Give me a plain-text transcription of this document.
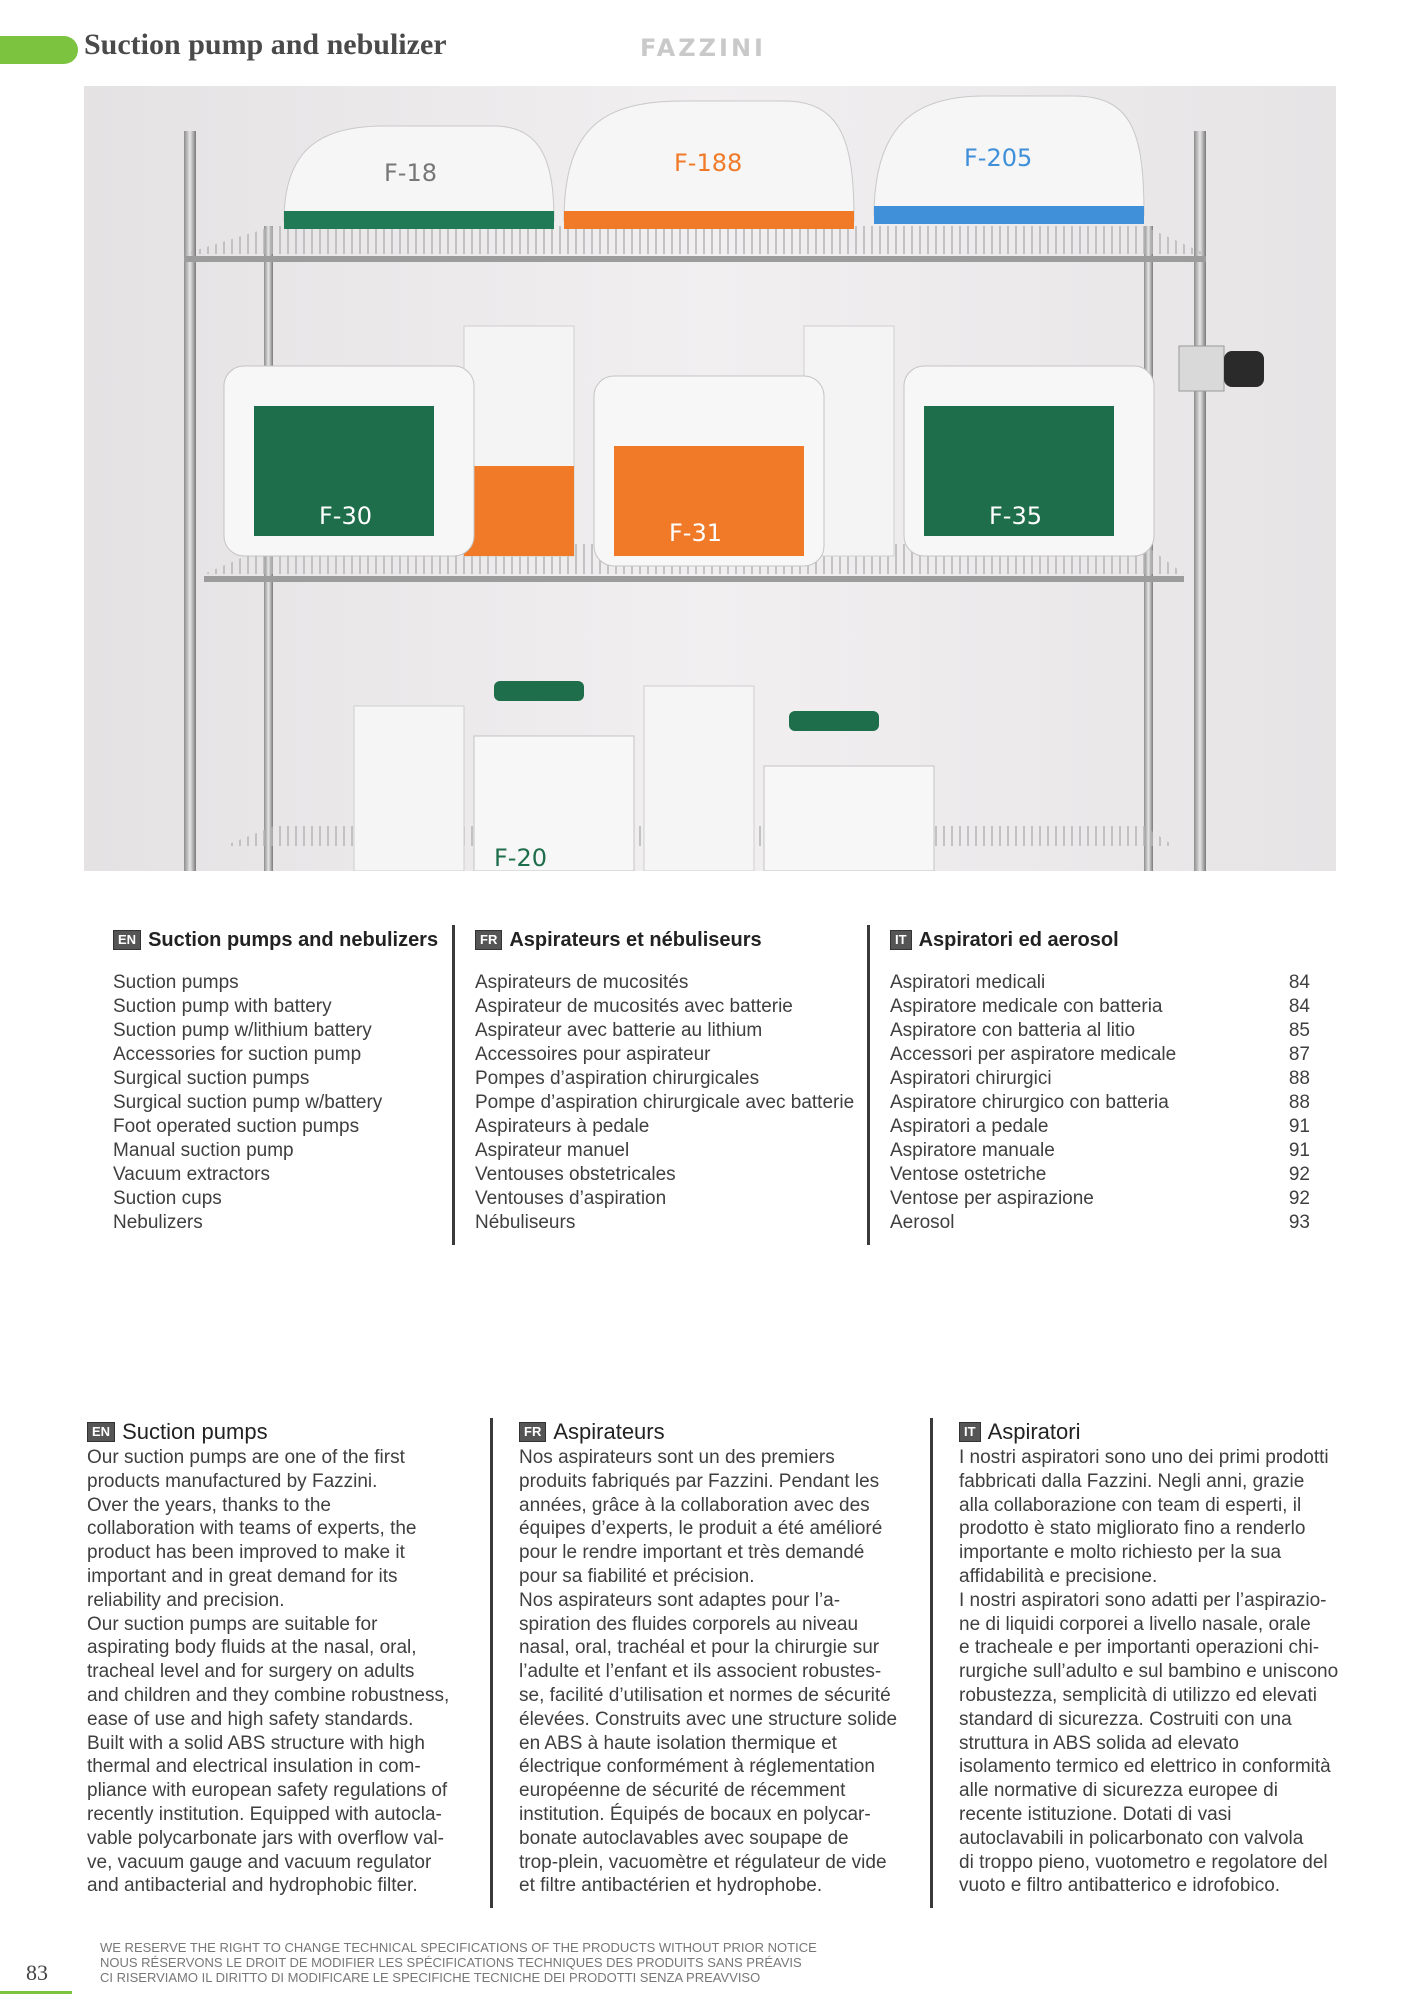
Suction pump and nebulizer	FAZZINI
F-18	F-188	F-205
F-30
F-31
F-35
F-20
EN Suction pumps and nebulizers
Suction pumps
Suction pump with battery
Suction pump w/lithium battery
Accessories for suction pump
Surgical suction pumps
Surgical suction pump w/battery
Foot operated suction pumps
Manual suction pump
Vacuum extractors
Suction cups
Nebulizers
FR Aspirateurs et nébuliseurs
Aspirateurs de mucosités
Aspirateur de mucosités avec batterie
Aspirateur avec batterie au lithium
Accessoires pour aspirateur
Pompes d’aspiration chirurgicales
Pompe d’aspiration chirurgicale avec batterie
Aspirateurs à pedale
Aspirateur manuel
Ventouses obstetricales
Ventouses d’aspiration
Nébuliseurs
IT Aspiratori ed aerosol
Aspiratori medicali	84
Aspiratore medicale con batteria	84
Aspiratore con batteria al litio	85
Accessori per aspiratore medicale	87
Aspiratori chirurgici	88
Aspiratore chirurgico con batteria	88
Aspiratori a pedale	91
Aspiratore manuale	91
Ventose ostetriche	92
Ventose per aspirazione	92
Aerosol	93
EN Suction pumps

Our suction pumps are one of the first
products manufactured by Fazzini.
Over the years, thanks to the
collaboration with teams of experts, the
product has been improved to make it
important and in great demand for its
reliability and precision.
Our suction pumps are suitable for
aspirating body fluids at the nasal, oral,
tracheal level and for surgery on adults
and children and they combine robustness,
ease of use and high safety standards.
Built with a solid ABS structure with high
thermal and electrical insulation in com-
pliance with european safety regulations of
recently institution. Equipped with autocla-
vable polycarbonate jars with overflow val-
ve, vacuum gauge and vacuum regulator
and antibacterial and hydrophobic filter.

FR Aspirateurs

Nos aspirateurs sont un des premiers
produits fabriqués par Fazzini. Pendant les
années, grâce à la collaboration avec des
équipes d’experts, le produit a été amélioré
pour le rendre important et très demandé
pour sa fiabilité et précision.
Nos aspirateurs sont adaptes pour l’a-
spiration des fluides corporels au niveau
nasal, oral, trachéal et pour la chirurgie sur
l’adulte et l’enfant et ils associent robustes-
se, facilité d’utilisation et normes de sécurité
élevées. Construits avec une structure solide
en ABS à haute isolation thermique et
électrique conformément à réglementation
européenne de sécurité de récemment
institution. Équipés de bocaux en polycar-
bonate autoclavables avec soupape de
trop-plein, vacuomètre et régulateur de vide
et filtre antibactérien et hydrophobe.

IT Aspiratori

I nostri aspiratori sono uno dei primi prodotti
fabbricati dalla Fazzini. Negli anni, grazie
alla collaborazione con team di esperti, il
prodotto è stato migliorato fino a renderlo
importante e molto richiesto per la sua
affidabilità e precisione.
I nostri aspiratori sono adatti per l’aspirazio-
ne di liquidi corporei a livello nasale, orale
e tracheale e per importanti operazioni chi-
rurgiche sull’adulto e sul bambino e uniscono
robustezza, semplicità di utilizzo ed elevati
standard di sicurezza. Costruiti con una
struttura in ABS solida ad elevato
isolamento termico ed elettrico in conformità
alle normative di sicurezza europee di
recente istituzione. Dotati di vasi
autoclavabili in policarbonato con valvola
di troppo pieno, vuotometro e regolatore del
vuoto e filtro antibatterico e idrofobico.

83
WE RESERVE THE RIGHT TO CHANGE TECHNICAL SPECIFICATIONS OF THE PRODUCTS WITHOUT PRIOR NOTICE
NOUS RÉSERVONS LE DROIT DE MODIFIER LES SPÉCIFICATIONS TECHNIQUES DES PRODUITS SANS PRÉAVIS
CI RISERVIAMO IL DIRITTO DI MODIFICARE LE SPECIFICHE TECNICHE DEI PRODOTTI SENZA PREAVVISO
